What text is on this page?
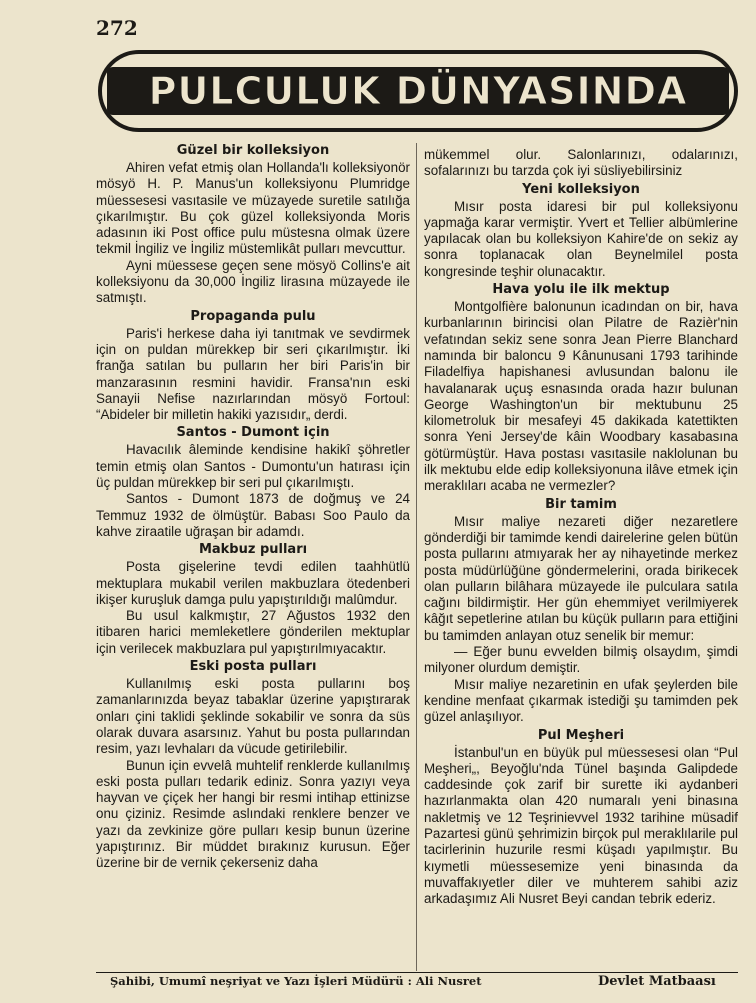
272
PULCULUK DÜNYASINDA
Güzel bir kolleksiyon

Ahiren vefat etmiş olan Hollanda'lı kolleksiyonör mösyö H. P. Manus'un kolleksiyonu Plumridge müessesesi vasıtasile ve müzayede suretile satılığa çıkarılmıştır. Bu çok güzel kolleksiyonda Moris adasının iki Post office pulu müstesna olmak üzere tekmil İngiliz ve İngiliz müstemlikât pulları mevcuttur.

Ayni müessese geçen sene mösyö Collins'e ait kolleksiyonu da 30,000 İngiliz lirasına müzayede ile satmıştı.

Propaganda pulu

Paris'i herkese daha iyi tanıtmak ve sevdirmek için on puldan mürekkep bir seri çıkarılmıştır. İki franğa satılan bu pulların her biri Paris'in bir manzarasının resmini havidir. Fransa'nın eski Sanayii Nefise nazırlarından mösyö Fortoul: “Abideler bir milletin hakiki yazısıdır„ derdi.

Santos - Dumont için

Havacılık âleminde kendisine hakikî şöhretler temin etmiş olan Santos - Dumontu'un hatırası için üç puldan mürekkep bir seri pul çıkarılmıştı.

Santos - Dumont 1873 de doğmuş ve 24 Temmuz 1932 de ölmüştür. Babası Soo Paulo da kahve ziraatile uğraşan bir adamdı.

Makbuz pulları

Posta gişelerine tevdi edilen taahhütlü mektuplara mukabil verilen makbuzlara ötedenberi ikişer kuruşluk damga pulu yapıştırıldığı malûmdur.

Bu usul kalkmıştır, 27 Ağustos 1932 den itibaren harici memleketlere gönderilen mektuplar için verilecek makbuzlara pul yapıştırılmıyacaktır.

Eski posta pulları

Kullanılmış eski posta pullarını boş zamanlarınızda beyaz tabaklar üzerine yapıştırarak onları çini taklidi şeklinde sokabilir ve sonra da süs olarak duvara asarsınız. Yahut bu posta pullarından resim, yazı levhaları da vücude getirilebilir.

Bunun için evvelâ muhtelif renklerde kullanılmış eski posta pulları tedarik ediniz. Sonra yazıyı veya hayvan ve çiçek her hangi bir resmi intihap ettinizse onu çiziniz. Resimde aslındaki renklere benzer ve yazı da zevkinize göre pulları kesip bunun üzerine yapıştırınız. Bir müddet bırakınız kurusun. Eğer üzerine bir de vernik çekerseniz daha

mükemmel olur. Salonlarınızı, odalarınızı, sofalarınızı bu tarzda çok iyi süsliyebilirsiniz

Yeni kolleksiyon

Mısır posta idaresi bir pul kolleksiyonu yapmağa karar vermiştir. Yvert et Tellier albümlerine yapılacak olan bu kolleksiyon Kahire'de on sekiz ay sonra toplanacak olan Beynelmilel posta kongresinde teşhir olunacaktır.

Hava yolu ile ilk mektup

Montgolfière balonunun icadından on bir, hava kurbanlarının birincisi olan Pilatre de Razièr'nin vefatından sekiz sene sonra Jean Pierre Blanchard namında bir baloncu 9 Kânunusani 1793 tarihinde Filadelfiya hapishanesi avlusundan balonu ile havalanarak uçuş esnasında orada hazır bulunan George Washington'un bir mektubunu 25 kilometroluk bir mesafeyi 45 dakikada katettikten sonra Yeni Jersey'de kâin Woodbary kasabasına götürmüştür. Hava postası vasıtasile naklolunan bu ilk mektubu elde edip kolleksiyonuna ilâve etmek için meraklıları acaba ne vermezler?

Bir tamim

Mısır maliye nezareti diğer nezaretlere gönderdiği bir tamimde kendi dairelerine gelen bütün posta pullarını atmıyarak her ay nihayetinde merkez posta müdürlüğüne göndermelerini, orada birikecek olan pulların bilâhara müzayede ile pulculara satıla cağını bildirmiştir. Her gün ehemmiyet verilmiyerek kâğıt sepetlerine atılan bu küçük pulların para ettiğini bu tamimden anlayan otuz senelik bir memur:

— Eğer bunu evvelden bilmiş olsaydım, şimdi milyoner olurdum demiştir.

Mısır maliye nezaretinin en ufak şeylerden bile kendine menfaat çıkarmak istediği şu tamimden pek güzel anlaşılıyor.

Pul Meşheri

İstanbul'un en büyük pul müessesesi olan “Pul Meşheri„, Beyoğlu'nda Tünel başında Galipdede caddesinde çok zarif bir surette iki aydanberi hazırlanmakta olan 420 numaralı yeni binasına nakletmiş ve 12 Teşrinievvel 1932 tarihine müsadif Pazartesi günü şehrimizin birçok pul meraklılarile pul tacirlerinin huzurile resmi küşadı yapılmıştır. Bu kıymetli müessesemize yeni binasında da muvaffakıyetler diler ve muhterem sahibi aziz arkadaşımız Ali Nusret Beyi candan tebrik ederiz.

Şahibi, Umumî neşriyat ve Yazı İşleri Müdürü : Ali Nusret	Devlet Matbaası
